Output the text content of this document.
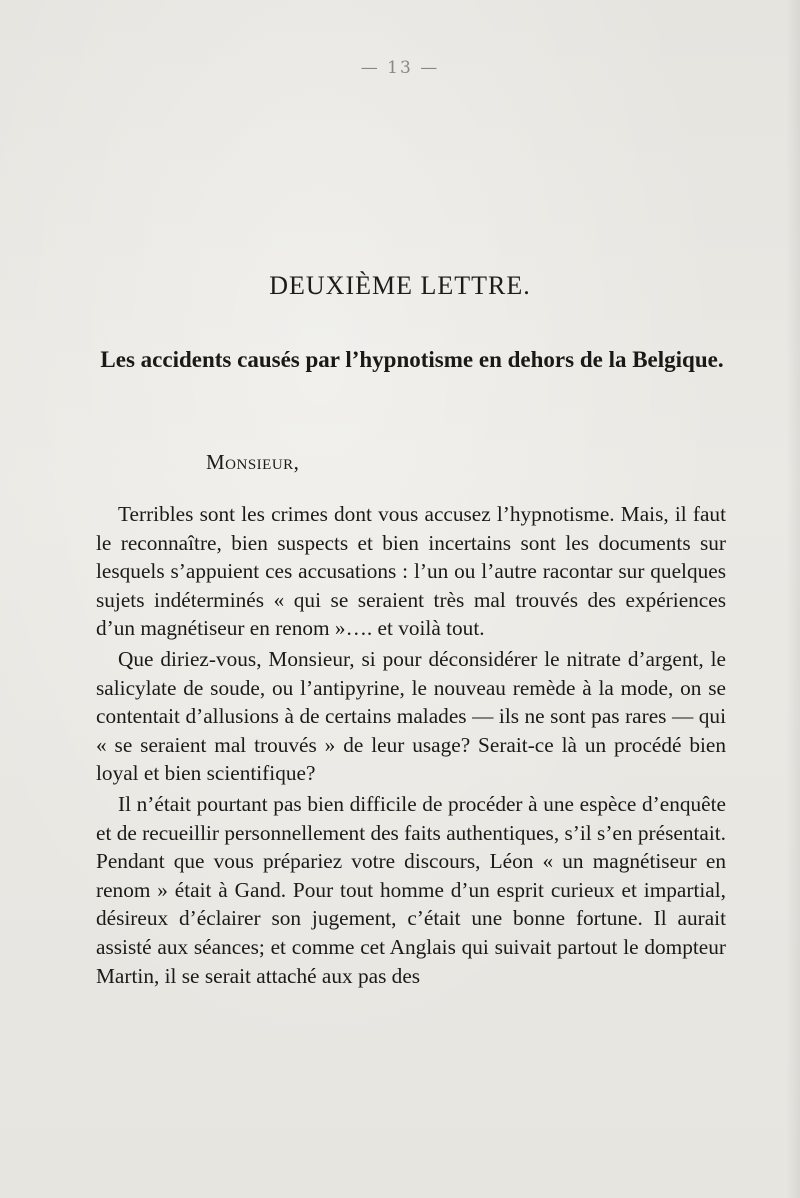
— 13 —
DEUXIÈME LETTRE.
Les accidents causés par l’hypnotisme en dehors de la Belgique.
Monsieur,

Terribles sont les crimes dont vous accusez l’hypnotisme. Mais, il faut le reconnaître, bien suspects et bien incertains sont les documents sur lesquels s’appuient ces accusations : l’un ou l’autre racontar sur quelques sujets indéterminés « qui se seraient très mal trouvés des expériences d’un magnétiseur en renom »…. et voilà tout.

Que diriez-vous, Monsieur, si pour déconsidérer le nitrate d’argent, le salicylate de soude, ou l’antipyrine, le nouveau remède à la mode, on se contentait d’allusions à de certains malades — ils ne sont pas rares — qui « se seraient mal trouvés » de leur usage? Serait-ce là un procédé bien loyal et bien scientifique?

Il n’était pourtant pas bien difficile de procéder à une espèce d’enquête et de recueillir personnellement des faits authentiques, s’il s’en présentait. Pendant que vous prépariez votre discours, Léon « un magnétiseur en renom » était à Gand. Pour tout homme d’un esprit curieux et impartial, désireux d’éclairer son jugement, c’était une bonne fortune. Il aurait assisté aux séances; et comme cet Anglais qui suivait partout le dompteur Martin, il se serait attaché aux pas des
